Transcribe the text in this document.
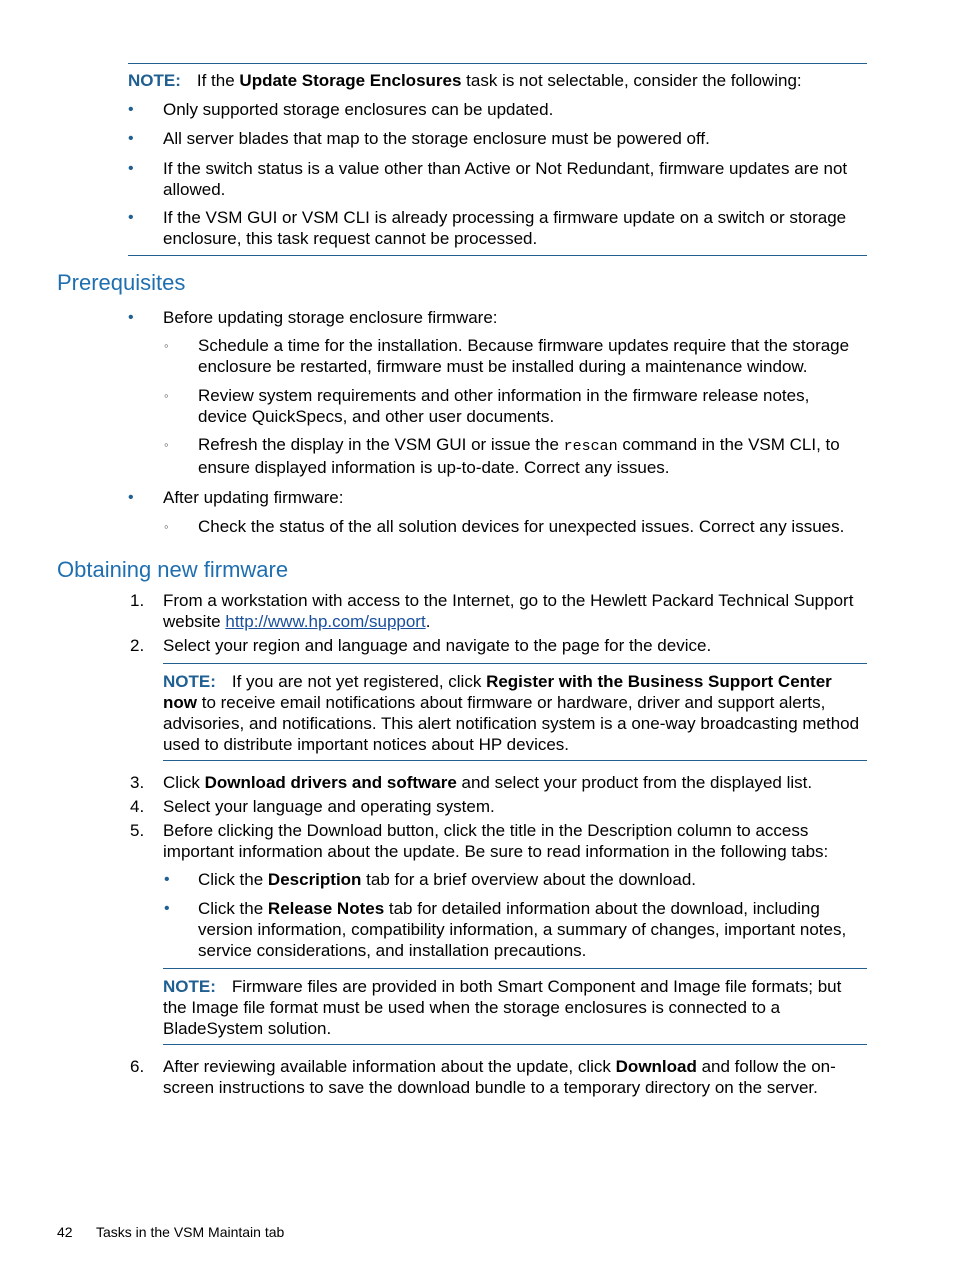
NOTE: If the Update Storage Enclosures task is not selectable, consider the following:
• Only supported storage enclosures can be updated.
• All server blades that map to the storage enclosure must be powered off.
• If the switch status is a value other than Active or Not Redundant, firmware updates are not allowed.
• If the VSM GUI or VSM CLI is already processing a firmware update on a switch or storage enclosure, this task request cannot be processed.
Prerequisites
• Before updating storage enclosure firmware:
◦ Schedule a time for the installation. Because firmware updates require that the storage enclosure be restarted, firmware must be installed during a maintenance window.
◦ Review system requirements and other information in the firmware release notes, device QuickSpecs, and other user documents.
◦ Refresh the display in the VSM GUI or issue the rescan command in the VSM CLI, to ensure displayed information is up-to-date. Correct any issues.
• After updating firmware:
◦ Check the status of the all solution devices for unexpected issues. Correct any issues.
Obtaining new firmware
1. From a workstation with access to the Internet, go to the Hewlett Packard Technical Support website http://www.hp.com/support.
2. Select your region and language and navigate to the page for the device.
NOTE: If you are not yet registered, click Register with the Business Support Center now to receive email notifications about firmware or hardware, driver and support alerts, advisories, and notifications. This alert notification system is a one-way broadcasting method used to distribute important notices about HP devices.
3. Click Download drivers and software and select your product from the displayed list.
4. Select your language and operating system.
5. Before clicking the Download button, click the title in the Description column to access important information about the update. Be sure to read information in the following tabs:
• Click the Description tab for a brief overview about the download.
• Click the Release Notes tab for detailed information about the download, including version information, compatibility information, a summary of changes, important notes, service considerations, and installation precautions.
NOTE: Firmware files are provided in both Smart Component and Image file formats; but the Image file format must be used when the storage enclosures is connected to a BladeSystem solution.
6. After reviewing available information about the update, click Download and follow the on-screen instructions to save the download bundle to a temporary directory on the server.
42 Tasks in the VSM Maintain tab
